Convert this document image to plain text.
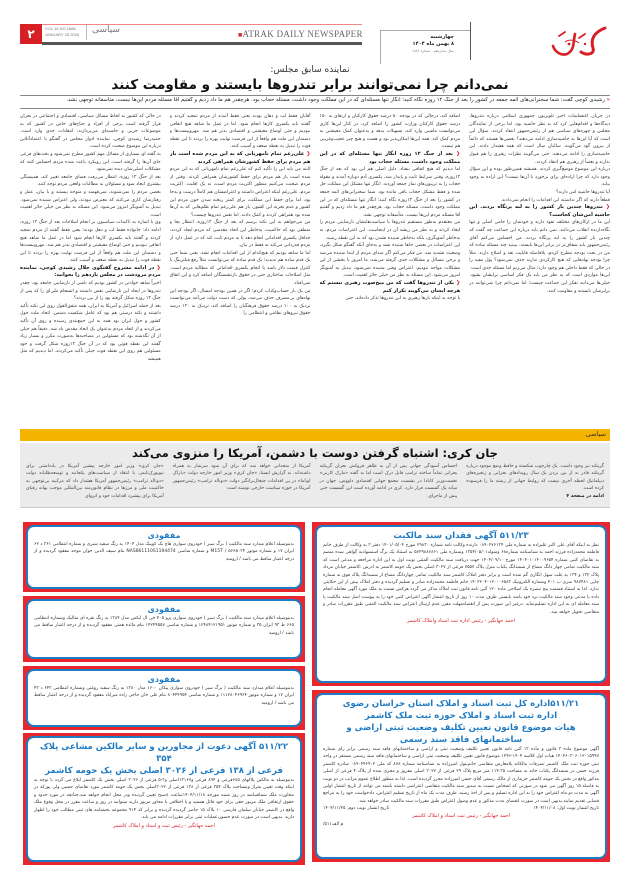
۲	VOL.16 NO.1886
JANUARY 28.2026 سیاسی	■ATRAK DAILY NEWSPAPER	چهارشنبه
۸ بهمن ماه ۱۴۰۴
سال شانزدهم - شماره ۱۸۸۶
نماینده سابق مجلس:
نمی‌دانم چرا نمی‌توانند برابر تندروها بایستند و مقاومت کنند
« رشیدی کوچی گفت: شما سخنرانی‌های ائمه جمعه در کشور را بعد از جنگ ۱۲ روزه نگاه کنید؛ انگار تنها مسئله‌ای که در این مملکت وجود داشت، مسئله حجاب بود. هرچقدر هم ما داد زدیم و گفتیم آقا مسئله مردم این‌ها نیست، متأسفانه توجهی نشد.

در حالی که کشور به لحاظ مسائل سیاسی، اقتصادی و اجتماعی در بحران قرار گرفته است برخی از افراد و جناح‌های خاص در کشور که به موضوعات جزیی و حاشیه‌ای می‌پردازند، انتقادات جدی وارد است. حمیدرضا رشیدی کوچی، نماینده ادوار مجلس در گفتگو با اعتمادآنلاین درباره این موضوع صحبت کرده است.

به گفته او، بسیاری از مسائل مهم کشور مطرح نمی‌شود و بحث‌های فرعی جای آن‌ها را گرفته است. این رویکرد باعث شده مردم احساس کنند که مشکلات اصلی‌شان دیده نمی‌شود.

بعد از جنگ ۱۲ روزه، انتظار می‌رفت فضای جامعه تغییر کند، همبستگی بیشتری ایجاد شود و مسئولان به مطالبات واقعی مردم توجه کنند.

بعضی مردم را نمی‌شنوند، نمی‌فهمند و متوجه نیستند و با بیان، عمل و رفتارشان کاری می‌کنند که معترض نبودند، ولی اعتراض شنیده نمی‌شود. تبدیل به آشوبگر امروز می‌شود. این مسئله به نظر من خیلی حائز اهمیت است.

وی با اشاره به تاکیدات سیاسیون بر انجام اصلاحات بعد از جنگ ۱۲ روزه، ادامه داد: خانواده فقط لب و دهل بودند؛ یعنی فقط گفتند از مردم تمجید کردند و گفتند باید یکسری کارها انجام شود اما در عمل ما شاهد هیچ اتفاقی نبودیم و حتی اوضاع معیشتی و اقتصادی بدتر هم شد. مهروپیست‌ها و دشمنان این ملت هم واقعاً از این فرصت نهایت بهره را بردند تا این نقطه قوت را تبدیل به نقطه ضعف و آسیب کنند.

❮ در ادامه مشروح گفتگوی جلال رشیدی کوچی، نماینده مردم مرودشت در مجلس یازدهم را بخوانید:

اخیراً شاهد خوادثی در کشور بودیم که ناشی از نارضایتی جامعه بود، چقدر تندروها در ایجاد این نارضایتی نقش داشتند و انسجام ملی‌ای را که پس از جنگ ۱۲ روزه شکل گرفته بود را از بین بردند؟

بعد از حمله اسرائیل و آمریکا به ایران، همه متفق‌القول روی این نکته تأکید داشتند و نکته درستی هم بود که عامل شکست دشمن، اتحاد ملت حول کشور و حول ایران بود همه به این جمع‌بندی رسیده و روی آن تأکید می‌کردند و از اتحاد مردم به‌عنوان یک اتحاد مقدس یاد شد. دقیقاً هم خیلی از آن نگذشته بود که مسئولین در مصاحبه‌ها به‌صورت مکرر و بسیار زیاد گفتند این نقطه قوتی بود که در آن جنگ ۱۲روزه شکل گرفت و خود مسئولین هم روی این نقطه قوت خیلی تأکید می‌کردند. اما دیدیم که مثل همیشه

آقایان فقط لب و دهان بودند یعنی فقط آمدند از مردم تمجید کردند و گفتند باید یکسری کارها انجام شود. اما در عمل ما شاهد هیچ اتفاقی نبودیم و حتی اوضاع معیشتی و اقتصادی بدتر هم شد. مهروپیست‌ها و دشمنان این ملت هم واقعاً از این فرصت نهایت بهره را بردند تا این نقطه قوت را تبدیل به نقطه ضعف و آسیب کنند.

❮ علی‌رغم تمام نامهربانی که به این مردم شده است باز هم مردم برای حفظ کشورشان همراهی کردند

البته من باید این را تأکید کنم که علی‌رغم تمام نامهربانی که به این مردم شده است باز هم مردم برای حفظ کشورشان همراهی کردند. وقتی از مردم صحبت می‌کنیم منظور اکثریت مردم است، نه یک اقلیت. اکثریت مردم، علی‌رغم اینکه اعتراض داشتند و اعتراضشان هم کاملاً درست و به‌جا بود، اما برای حفظ این مملکت، برای کمتر ریخته شدن خون مردم این کشور و عدم تجزیه این کشور، باز هم علی‌رغم تمام ظلم‌هایی که به آن‌ها شده بود همراهی کردند و کمک دادند. اما نقش تندروها چیست؟

من می‌خواهم به این نکته برسم که بعد از جنگ ۱۲روزه، انتظار بجا و منطقی بود که حاکمیت، به‌خاطر این اتحاد مقدسی که مردم ایجاد کردند، حداقل یکسری اقداماتی انجام دهد تا به مردم ثابت کند که در عمل دارد از مردم قدردانی می‌کند نه فقط در بیان.

اما ما شاهد بودیم که هیچ‌کدام از این اقدامات انجام نشد. یعنی شما حتی یک قدم ساده هم ندیدید؛ یک قدم ساده که می‌توانست مثلاً رفع فیلترینگ یا کنترل قیمت دلار باشد یا انجام یکسری اقداماتی که مطالبه مردم است. مثل اصلاحات ساختاری حتی در حقوق بازنشستگان اضافه کرد و این اتفاق نمی‌افتاد.

من یک بار حساب‌وکتاب کردم؛ اگر در همین بودجه امسال، اگر بودجه این نهادهای بی‌مصرف حذف می‌شد، پولی که دست دولت می‌آمد می‌توانست نزدیک به ۱۰۰ درصد حقوق فرهنگیان را اضافه کند، نزدیک به ۱۲۰ درصد حقوق نیروهای نظامی و انتظامی را

اضافه کند، درحالی که در بودجه ۸۰ درصد حقوق کارکنان و ارتقای به ۱۵۰ درصد حقوق کارکنان وزارت کشور را اضافه کرد. در کنار این‌ها کاری می‌توانست ماشین وارد کند، تسهیلات بدهد و به‌عنوان کمک معیشتی به مردم کمک کند. همه این‌ها امکان‌پذیر بود و هست و هیچ چیز عجیب‌وغریبی هم نیست.

❮ بعد از جنگ ۱۲ روزه انگار تنها مسئله‌ای که در این مملکت وجود داشت، مسئله حجاب بود

اما دیدیم که هیچ اتفاقی نیفتاد. دلیل اصلی هم این بود که بعد از جنگ ۱۲روزه، وقتی شرایط ثابت و پایدار شد، یکسری آدم دوباره آمدند و مقوله حجاب را به تریبون‌های نماز جمعه آوردند. انگار تنها مشکل این مملکت حل شده و فقط مشکل حجاب باقی مانده بود. شما سخنرانی‌های ائمه جمعه در کشور را بعد از جنگ ۱۲روزه نگاه کنید؛ انگار تنها مسئله‌ای که در این مملکت وجود داشت، مسئله حجاب بود. هرچقدر هم ما داد زدیم و گفتیم آقا مسئله مردم این‌ها نیست، متأسفانه توجهی نشد.

من معتقدم به‌طور مستقیم تندروها با سیاست‌هایشان نارضایتی مردم را ایجاد کردند و به نظر من ریشه آن در اینجاست. این اعتراضات مردم، نه به‌خاطر آشوبگری، بلکه به‌خاطر شنیده نشدن بود که به این نقطه رسید.

این اعتراضات در بعضی جاها شنیده نشد و به‌جای آنکه گفتگو شکل بگیرد، وضعیت تشدید شد. من فکر می‌کنم اگر صدای مردم از ابتدا شنیده می‌شد و برخی مسائل و مشکلات جدی گرفته می‌شد، ما امروز با بخشی از این مشکلات مواجه نبودیم. اعتراض وقتی شنیده نمی‌شود، تبدیل به آشوبگر امروز می‌شود. این مسئله به نظر من خیلی حائز اهمیت است.

❮ یکی از تندروها گفت که من میخ‌صوت رهبری نیستم که هرچه ایشان می‌گویند تکرار کنم

با توجه به اینکه بارها رهبری به این تندروها تذکر داده‌اند، حتی

در جریان اغتشاشات اخیر تلویزیون جمهوری اسلامی درباره تندروها، دیدگاه‌ها و اقدام‌هایی کرد که به نظر حاشیه بود، اما برخی از نمایندگان مجلس و چهره‌های سیاسی هم از رئیس‌جمهور انتقاد کردند. سؤال این است که آیا این‌ها به حاشیه‌سازی ادامه می‌دهند؟ بعضی‌ها هستند که دائماً از بیرون گود می‌گویند. سالیان سال است که همه هشدار دادند. این حاشیه‌سازی را ادامه می‌دهند. حتی می‌گویند نظرات رهبری را هم قبول ندارند و بعضاً از رهبری هم انتقاد کردند.

درباره این موضوع موضع‌گیری کردند. همیشه همین‌طور بوده و این سؤال وجود دارد که چرا اراده‌ای برای برخورد با آن‌ها نیست؟ این اراده به وجود بیاید.

آیا تندروها حاشیه امن دارند؟

قطعاً دارند که اگر نداشتند این اقدامات را انجام نمی‌دادند.

❮ تندروها چندین بار کشور را به لبه پرتگاه بردند. این حاشیه امن‌شان کجاست؟

این ما در ارکان‌های مختلف نفوذ دارند و خودشان را حامی اصلی و تنها نگاه‌دارنده انقلاب می‌دانند. نمی دانم باید درباره این جماعت چه گفت که چندین بار کشور را به لبه پرتگاه بردند. من احساس می‌کنم آقای رئیس‌جمهور باید شفاف‌تر در برابر این‌ها بایستد. ببینید چند مسئله ساده که من در بحث بودجه مطرح کردم، بلافاصله قابلیت نقد و اصلاح دارند. مثلاً چرا بودجه نهادهایی که هیچ کارکردی ندارند حذف نمی‌شود؟ پول مفید را در حالی که فقط داخلی هم وجود دارد؛ مثال می‌زنم اما مسئله جدی است.

این‌ها مواردی است که به نظر من باید یک فکر اساسی برایشان بشود. خیلی‌ها می‌دانند تفکر این جماعت چیست؛ اما نمی‌دانم چرا نمی‌توانند در برابرشان بایستند و مقاومت کنند.

سیاسی
جان کری: اشتباه گرفتن دوست با دشمن، آمریکا را منزوی می‌کند
«جان کری» وزیر امور خارجه پیشین آمریکا در یادداشتی برای نیویورک‌تایمز، با انتقاد از سیاست‌های یکجانبه و توسعه‌طلبانه دولت «دونالد ترامپ» رئیس‌جمهور آمریکا هشدار داد که مرکبیه بی‌توجهی به حاکمیت ملی و مرزها در نظام قانون‌مند بین‌المللی موجب بهانه رقبای آمریکا برای پیشبرد اقدامات خود و انزوای
آمریکا از متحدانی خواهد شد که برای آن سود سرشار به همراه داشته‌اند. به گزارش ایسنا، «جان کری» وزیر امور خارجه دولت «باراک اوباما» در پی اقدامات جنجال‌برانگیز دولت «دونالد ترامپ» رئیس‌جمهور آمریکا در حوزه سیاست خارجی نوشته است
احساس آسودگی جهانی پس از آن به ظاهر فروکش بحران گرینلند بحرانی تماماً ساخته ترامپ قابل درک است اما به گفته «مارک کارنی» نخست‌وزیر کانادا در نشست مجمع جهانی اقتصادی داووس، جهان در میانه یک گسست قرار دارد. کری در ادامه آورده است این گسست حتی پیش از ماجرای
گرینلند نیز وجود داشت. یک چارچوب شکسته و حافظ وضع موجود درباره گرینلند قادر به از بین بردن یک سال رویدادهای بحرانی و زنجیره‌های دیپلماتیک لحظه آخری نیست که روابط جهانی از رشته ما را فرسوده کرده است.
ادامه در صفحه ۴
مفقودی
بدینوسیله اعلام میدارد سند مالکیت ( برگ سبز ) خودروی سواری هاچ بک کوییک مدل ۱۴۰۴ به رنگ سفید شیری و شماره انتظامی ۳۶۱ د ۶۲ ایران ۱۷ و شماره موتور ۵۶۶۵۰۳۴ / M15T و شماره شاسی NAS861110S1194474 بنام سیف الدین جوان موحد مفقود گردیده و از درجه اعتبار ساقط می باشد / ارومیه
مفقودی
بدینوسیله اعلام میدارد سند مالکیت ( برگ سبز ) خودروی سواری پژو ۴۰۵ جی ال ایکس مدل ۱۳۸۴ به رنگ نقره ای متالیک وشماره انتظامی ۶۶۵ ط ۹۳ ایران ۳۵ و شماره موتور ۱۲۴۸۴۱۲۱۹۵۱ و شماره شاسی ۱۴۲۴۴۵۵۷ بنام مائده همتی مفقود گردیده و از درجه اعتبار ساقط می باشد / ارومیه
مفقودی
بدینوسیله اعلام میدارد سند مالکیت ( برگ سبز ) خودروی سواری پیکان ۱۶۰۰ مدل ۱۳۸۰ به رنگ سفید روغنی وشماره انتظامی ۶۴۳ د ۴۳ ایران ۱۷ و شماره موتور ۱۱۱۲۸۰۴۶۹۶۴ و شماره شاسی ۸۰۴۴۴۹۵۴ بنام علی خان حاجی زاده میراباد مفقود گردیده و از درجه اعتبار ساقط می باشد / ارومیه
۵۱۱/۲۲ آگهی دعوت از مجاورین و سایر مالکین مشاعی پلاک ۳۵۴
فرعی از ۱۳۸ فرعی از ۳۰۲۶ اصلی بخش یک حومه کاشمر
بدینوسیله به مالکین پلاکهای ۶۸۵فرعی و ۸۹۴ فرعی و۱۳۱۶۷اصلی و۳-۵ فرعی از ۳۰۲۶ اصلی بخش یک کاشمر ابلاغ می گردد با توجه به اینکه وقت تعیین متراژ ومساحت پلاک ۳۵۴ فرعی از ۱۳۸ فرعی از ۳۰۲۶اصلی بخش یک حومه کاشمر مورد تقاضای حسین ولی پورکه در مجاورت ملک شماقیباشد در روز شنبه مورخه ۱۴۰۴/۱۱/۱۸ساعت ۸صبح تعیین گردیده ودر محل انجام خواهد شد.چنانچه در مورد حدود و حقوق ارتفاقی ملک مزبور حقی برای خود قائل هستید و یا اختلافی با مجاور مزبور دارید میتوانید در روز و ساعت مقرر در محل وقوع ملک واقع در کاشمر خیابان سلمان فارسی ۱۰ پلاک ۱۵ حاضر گردیده گردیده و برابر کد ۹۱۴ مجموعه بخشنامه های ثبتی مطالب خود را اظهار دارید .بدیهی است در صورت عدم حضور،عملیات ثبتی برابر مقررات ادامه می یابد.
احمد جهانگیر - رئیس ثبت و اسناد و املاک کاشمر
۵۱۱/۲۳ آگهی فقدان سند مالکیت
نظر به اینکه آقای علی اکبر علیزاده به شماره ملی ۰۸۹۰۲۷۶۱۳۴ دارنده وکالت نامه شماره ۲۹۸۳۰ مورخ ۱۴۰۱/۰۵/۰۴ دفتر ۳ به وکالت از طرف خانم فاطمه محمدزاده فرزند احمد به شناسنامه شماره۶۸ ومتولد۱۳۵۴/۰۵/۰۱ وشماره ملی ۵۷۲۹۸۸۶۸۶۱ به استناد یک برگ استشهادیه گواهی شده منضم به تقاضای کتبی شماره ۱۴۰۴۰۱۰۱۴۰۰۹۶۵۴ مورخ ۱۴۰۴/۰۹/۱۰ جهت دریافت سند مالکیت المثنی نوبت اول به این اداره مراجعه و مدعی است که سند مالکیت تمامی چهار دانگ مشاع از ششدانگ یکباب منزل پلاک ۷۵۵۷ فرعی از ۳۰۲۷ اصلی بخش یک حومه کاشمر به ادرس :کاشمر خیابان مرداد پلاک ۱۳۲ و ۱۳۴ به علت سهل انگاری گم شده است و برابر دفتر املاک کاشمر سند مالکیت تمامی چهاردانگ مشاع از ششدانگ پلاک فوق به شماره چاپی ۹۸۷۴۸۱ سری ب ۴۰۱ وشماره الکترونیک ۱۴۰۲۲۰۴۰۱۲۰۰۰۶۵۸۳ خانم فاطمه محمدزاده صادر و تسلیم گردیده و دفتر املاک بیش از این حکایتی ندارد. لذا به استناد قسمت پنج تبصره یک اصلاحی ماده ۱۲۰ آئین نامه قانون ثبت املاک مذکر می گردد هرکس نسبت به ملک مورد آگهی معامله انجام داده یا مدعی وجود سند مالکیت نزد خود باشد بایستی ظرف مدت ۱۰ روز از تاریخ انتشار آگهی اعتراض کتبی خود را به پیوست اصل سند مالکیت یا سند معامله ای به این اداره تسلیم‌نماید. درغیر این صورت پس از انقضاء‌مهلت مقرر عدم ارسال اعتراض سند مالکیت المثنی طبق مقررات صادر و متقاضی تحویل خواهد شد.
احمد جهانگیر - رئیس اداره ثبت اسناد واملاک کاشمر
۵۱۱/۲۱اداره کل ثبت اسناد و املاک استان خراسان رضوی
اداره ثبت اسناد و املاک حوزه ثبت ملک کاشمر
هیات موضوع قانون تعیین تکلیف وضعیت ثبتی اراضی و ساختمانهای فاقد سند رسمی
آگهی موضوع ماده ۳ قانون و ماده ۱۳ آئین نامه قانون تعیین تکلیف وضعیت ثبتی و اراضی و ساختمانهای فاقد سند رسمی برابر رای شماره ۱۴۰۴۶۰۳۰۶۰۱۲۰۱۵۹۹۷ هیات اول کلاسه ۱۴۰۴-۱۲۴۶ موضوع قانون تعیین تکلیف وضعیت ثبتی اراضی و ساختمانهای فاقد سند رسمی مستقر در واحد ثبتی حوزه ثبت ملک کاشمر تصرفات مالکانه بلامعارض متقاضی خانم‌بتول امیرزاده به شناسنامه شماره ۸۷۸ کد ملی ۰۸۹۰۴۴۶۹۰۲ صادره کاشمر فرزند حسن در ششدانگ یکباب خانه به مساحت ۱۱۴.۳۵ متر مربع پلاک ۲۹ فرعی از ۳۰۲۷ اصلی مفروز و مجزی شده از پلاک ۴ فرعی از اصلی مذکور واقع در بخش یک حومه کاشمر خریداری از مالک رسمی آقای حسن امیرزاده محرز گردیده است. لذا به منظور اطلاع عموم مراتب در دو نوبت به فاصله ۱۵ روز آگهی می شود در صورتی که اشخاص نسبت به صدور سند مالکیت متقاضی اعتراضی داشته باشند می توانند از تاریخ انتشار اولین آگهی به مدت دو ماه اعتراض خود را به این اداره تسلیم و پس از اخذ رسید، ظرف مدت یک ماه از تاریخ تسلیم اعتراض، دادخواست خود را به مراجع قضایی تقدیم نمایند.بدیهی است در صورت انقضای مدت مذکور و عدم وصول اعتراض طبق مقررات سند مالکیت صادر خواهد شد.
تاریخ انتشار نوبت اول: ۱۴۰۴/۱۱/۰۸
تاریخ انتشار نوبت دوم: ۱۴۰۴/۱۱/۲۵
احمد جهانگیر - رئیس ثبت اسناد و املاک کاشمر
م الف۵۱۱/
